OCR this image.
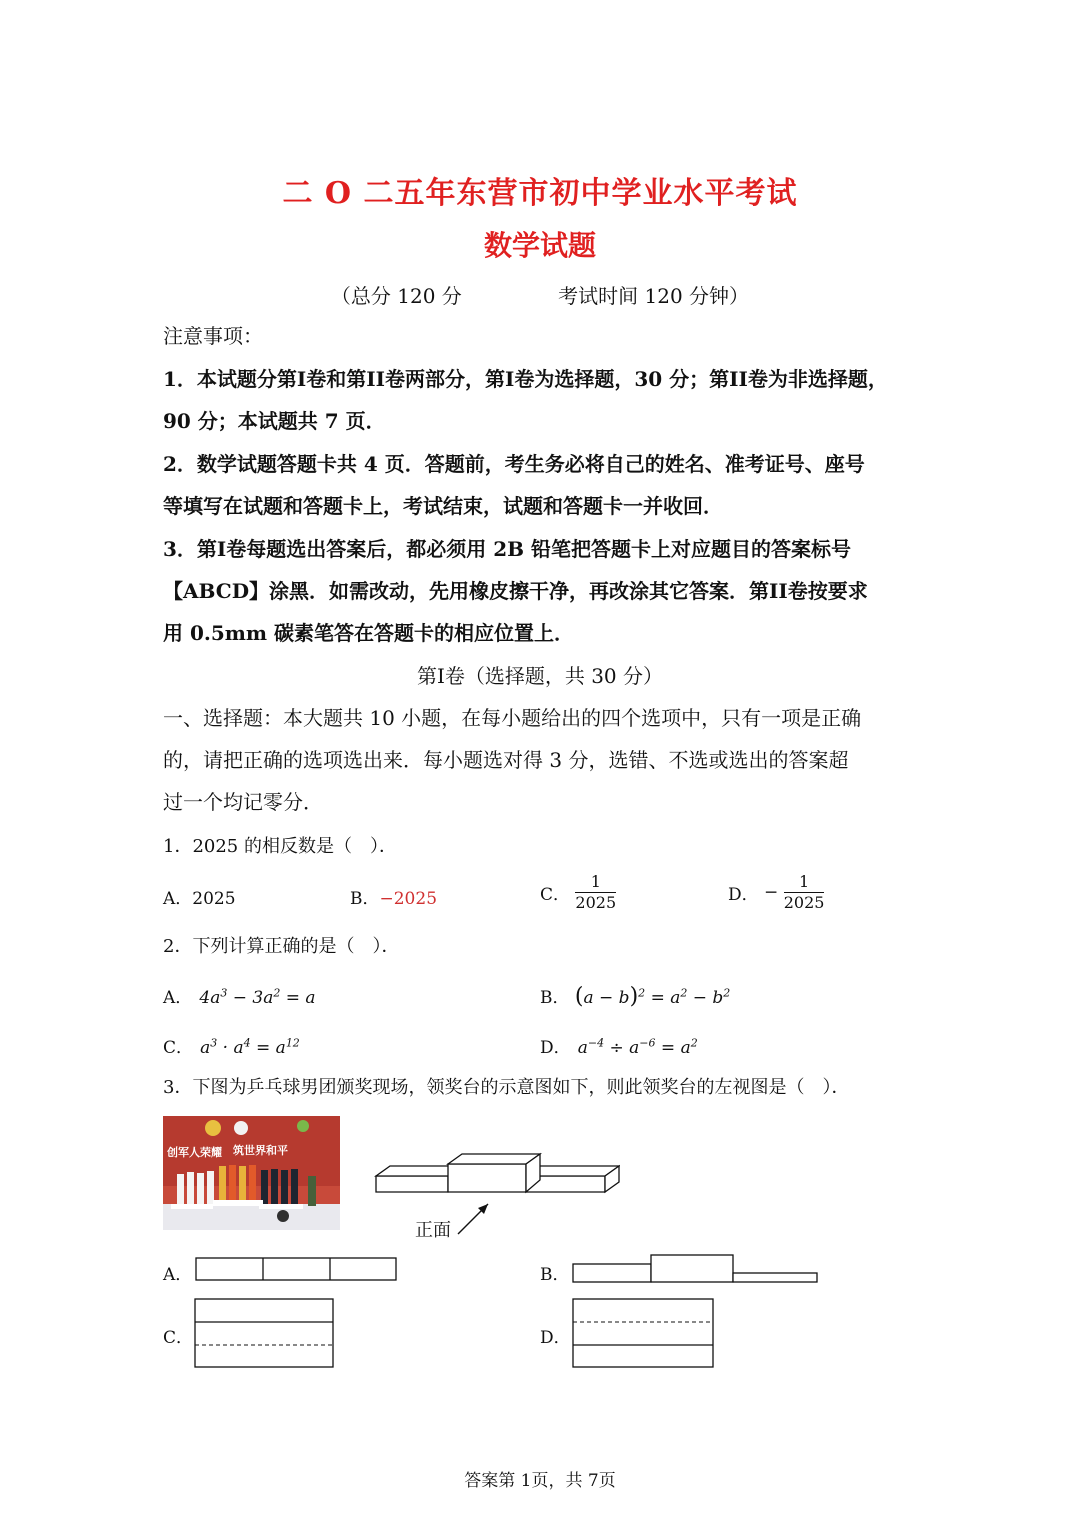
二 O 二五年东营市初中学业水平考试
数学试题
（总分 120 分	考试时间 120 分钟）
注意事项：
1．本试题分第I卷和第II卷两部分，第I卷为选择题，30 分；第II卷为非选择题，
90 分；本试题共 7 页．
2．数学试题答题卡共 4 页．答题前，考生务必将自己的姓名、准考证号、座号
等填写在试题和答题卡上，考试结束，试题和答题卡一并收回．
3．第I卷每题选出答案后，都必须用 2B 铅笔把答题卡上对应题目的答案标号
【ABCD】涂黑．如需改动，先用橡皮擦干净，再改涂其它答案．第II卷按要求
用 0.5mm 碳素笔答在答题卡的相应位置上．
第I卷（选择题，共 30 分）
一、选择题：本大题共 10 小题，在每小题给出的四个选项中，只有一项是正确
的，请把正确的选项选出来．每小题选对得 3 分，选错、不选或选出的答案超
过一个均记零分．
1．2025 的相反数是（　）．
A．2025	B．−2025	C． $\frac{1}{2025}$	D． − $\frac{1}{2025}$
2．下列计算正确的是（　）．
A．  $4a^3 - 3a^2 = a$	B． $(a - b)^2 = a^2 - b^2$
C．  $a^3 \cdot a^4 = a^{12}$	D．  $a^{-4} \div a^{-6} = a^2$
3．下图为乒乓球男团颁奖现场，领奖台的示意图如下，则此领奖台的左视图是（　）．
创军人荣耀 筑世界和平
正面
A．	B．
C．	D．
答案第 1页，共 7页
